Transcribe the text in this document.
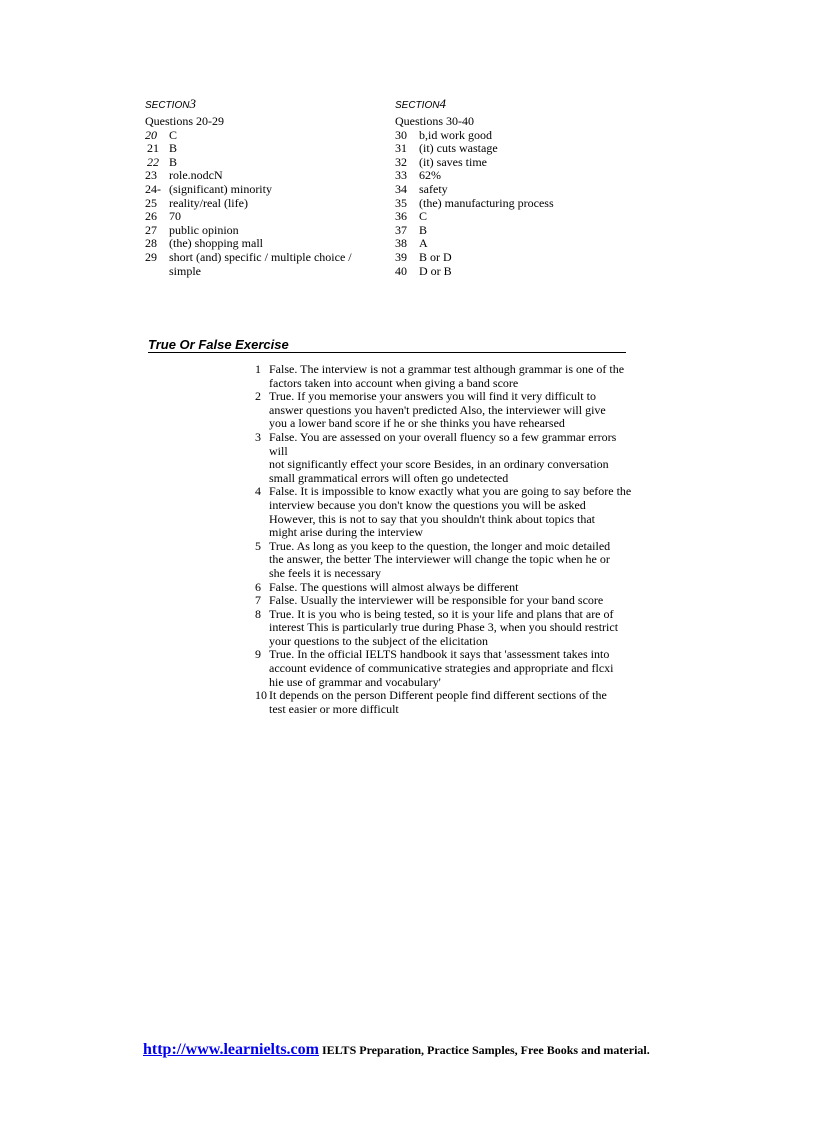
SECTION3
Questions 20-29
20	C
21 B
22 B
23	role.nodcN
24- (significant) minority
25	reality/real (life)
26	70
27	public opinion
28	(the) shopping mall
29	short (and) specific / multiple choice / simple
SECTION4
Questions 30-40
30	b,id work good
31	(it) cuts wastage
32	(it) saves time
33	62%
34	safety
35	(the) manufacturing process
36	C
37	B
38	A
39	B or D
40	D or B
True Or False Exercise
1 False. The interview is not a grammar test although grammar is one of the
factors taken into account when giving a band score
2 True. If you memorise your answers you will find it very difficult to
answer questions you haven't predicted Also, the interviewer will give
you a lower band score if he or she thinks you have rehearsed
3 False. You are assessed on your overall fluency so a few grammar errors
will
not significantly effect your score Besides, in an ordinary conversation
small grammatical errors will often go undetected
4 False. It is impossible to know exactly what you are going to say before the
interview because you don't know the questions you will be asked
However, this is not to say that you shouldn't think about topics that
might arise during the interview
5 True. As long as you keep to the question, the longer and moic detailed
the answer, the better The interviewer will change the topic when he or
she feels it is necessary
6 False. The questions will almost always be different
7 False. Usually the interviewer will be responsible for your band score
8 True. It is you who is being tested, so it is your life and plans that are of
interest This is particularly true during Phase 3, when you should restrict
your questions to the subject of the elicitation
9 True. In the official IELTS handbook it says that 'assessment takes into
account evidence of communicative strategies and appropriate and flcxi
hie use of grammar and vocabulary'
10 It depends on the person Different people find different sections of the
test easier or more difficult
http://www.learnielts.com IELTS Preparation, Practice Samples, Free Books and material.
